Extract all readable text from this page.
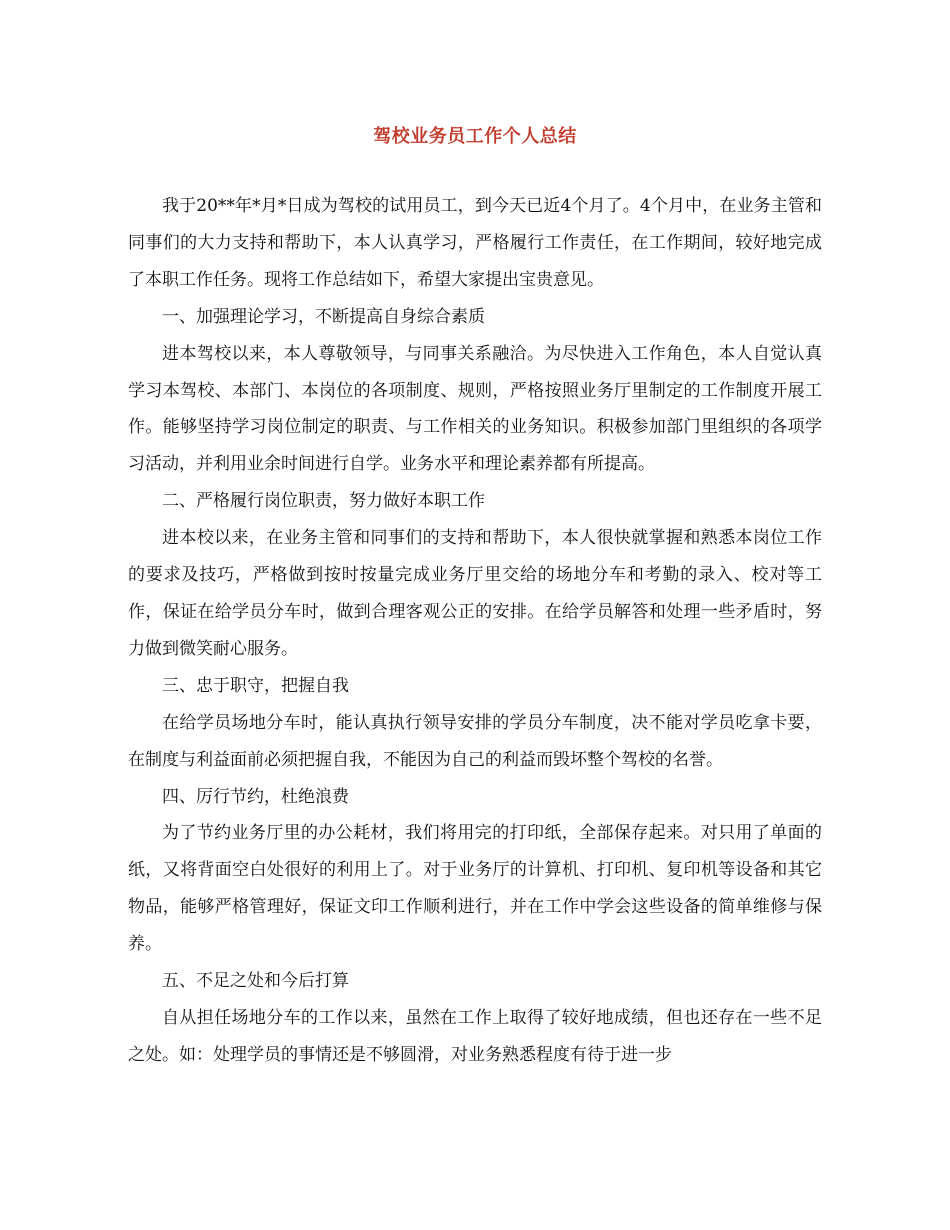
驾校业务员工作个人总结

我于20**年*月*日成为驾校的试用员工，到今天已近4个月了。4个月中，在业务主管和同事们的大力支持和帮助下，本人认真学习，严格履行工作责任，在工作期间，较好地完成了本职工作任务。现将工作总结如下，希望大家提出宝贵意见。

一、加强理论学习，不断提高自身综合素质

进本驾校以来，本人尊敬领导，与同事关系融洽。为尽快进入工作角色，本人自觉认真学习本驾校、本部门、本岗位的各项制度、规则，严格按照业务厅里制定的工作制度开展工作。能够坚持学习岗位制定的职责、与工作相关的业务知识。积极参加部门里组织的各项学习活动，并利用业余时间进行自学。业务水平和理论素养都有所提高。

二、严格履行岗位职责，努力做好本职工作

进本校以来，在业务主管和同事们的支持和帮助下，本人很快就掌握和熟悉本岗位工作的要求及技巧，严格做到按时按量完成业务厅里交给的场地分车和考勤的录入、校对等工作，保证在给学员分车时，做到合理客观公正的安排。在给学员解答和处理一些矛盾时，努力做到微笑耐心服务。

三、忠于职守，把握自我

在给学员场地分车时，能认真执行领导安排的学员分车制度，决不能对学员吃拿卡要，在制度与利益面前必须把握自我，不能因为自己的利益而毁坏整个驾校的名誉。

四、厉行节约，杜绝浪费

为了节约业务厅里的办公耗材，我们将用完的打印纸，全部保存起来。对只用了单面的纸，又将背面空白处很好的利用上了。对于业务厅的计算机、打印机、复印机等设备和其它物品，能够严格管理好，保证文印工作顺利进行，并在工作中学会这些设备的简单维修与保养。

五、不足之处和今后打算

自从担任场地分车的工作以来，虽然在工作上取得了较好地成绩，但也还存在一些不足之处。如：处理学员的事情还是不够圆滑，对业务熟悉程度有待于进一步
